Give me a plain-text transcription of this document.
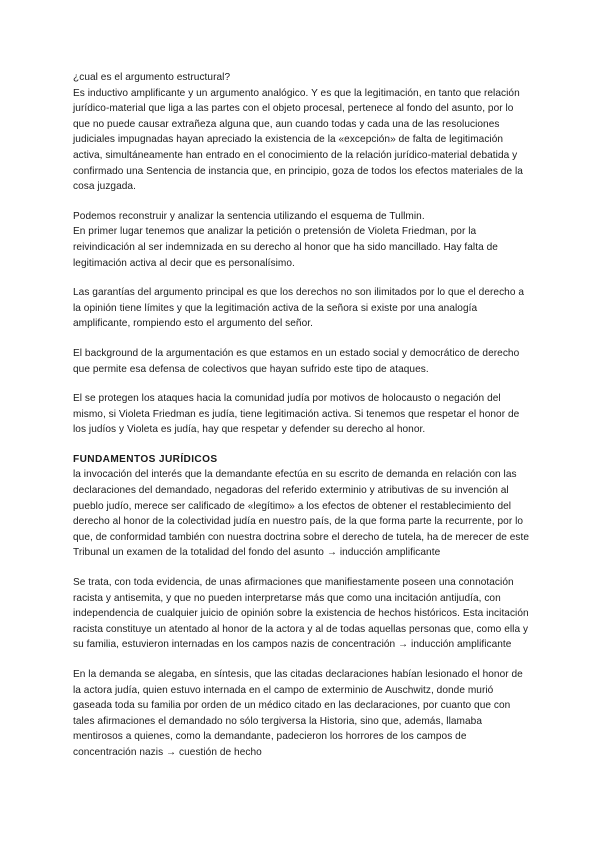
¿cual es el argumento estructural?

Es inductivo amplificante y un argumento analógico. Y es que la legitimación, en tanto que relación jurídico-material que liga a las partes con el objeto procesal, pertenece al fondo del asunto, por lo que no puede causar extrañeza alguna que, aun cuando todas y cada una de las resoluciones judiciales impugnadas hayan apreciado la existencia de la «excepción» de falta de legitimación activa, simultáneamente han entrado en el conocimiento de la relación jurídico-material debatida y confirmado una Sentencia de instancia que, en principio, goza de todos los efectos materiales de la cosa juzgada.

Podemos reconstruir y analizar la sentencia utilizando el esquema de Tullmin.

En primer lugar tenemos que analizar la petición o pretensión de Violeta Friedman, por la reivindicación al ser indemnizada en su derecho al honor que ha sido mancillado. Hay falta de legitimación activa al decir que es personalísimo.

Las garantías del argumento principal es que los derechos no son ilimitados por lo que el derecho a la opinión tiene límites y que la legitimación activa de la señora si existe por una analogía amplificante, rompiendo esto el argumento del señor.

El background de la argumentación es que estamos en un estado social y democrático de derecho que permite esa defensa de colectivos que hayan sufrido este tipo de ataques.

El se protegen los ataques hacia la comunidad judía por motivos de holocausto o negación del mismo, si Violeta Friedman es judía, tiene legitimación activa. Si tenemos que respetar el honor de los judíos y Violeta es judía, hay que respetar y defender su derecho al honor.

FUNDAMENTOS JURÍDICOS

la invocación del interés que la demandante efectúa en su escrito de demanda en relación con las declaraciones del demandado, negadoras del referido exterminio y atributivas de su invención al pueblo judío, merece ser calificado de «legítimo» a los efectos de obtener el restablecimiento del derecho al honor de la colectividad judía en nuestro país, de la que forma parte la recurrente, por lo que, de conformidad también con nuestra doctrina sobre el derecho de tutela, ha de merecer de este Tribunal un examen de la totalidad del fondo del asunto → inducción amplificante

Se trata, con toda evidencia, de unas afirmaciones que manifiestamente poseen una connotación racista y antisemita, y que no pueden interpretarse más que como una incitación antijudía, con independencia de cualquier juicio de opinión sobre la existencia de hechos históricos. Esta incitación racista constituye un atentado al honor de la actora y al de todas aquellas personas que, como ella y su familia, estuvieron internadas en los campos nazis de concentración → inducción amplificante

En la demanda se alegaba, en síntesis, que las citadas declaraciones habían lesionado el honor de la actora judía, quien estuvo internada en el campo de exterminio de Auschwitz, donde murió gaseada toda su familia por orden de un médico citado en las declaraciones, por cuanto que con tales afirmaciones el demandado no sólo tergiversa la Historia, sino que, además, llamaba mentirosos a quienes, como la demandante, padecieron los horrores de los campos de concentración nazis → cuestión de hecho
